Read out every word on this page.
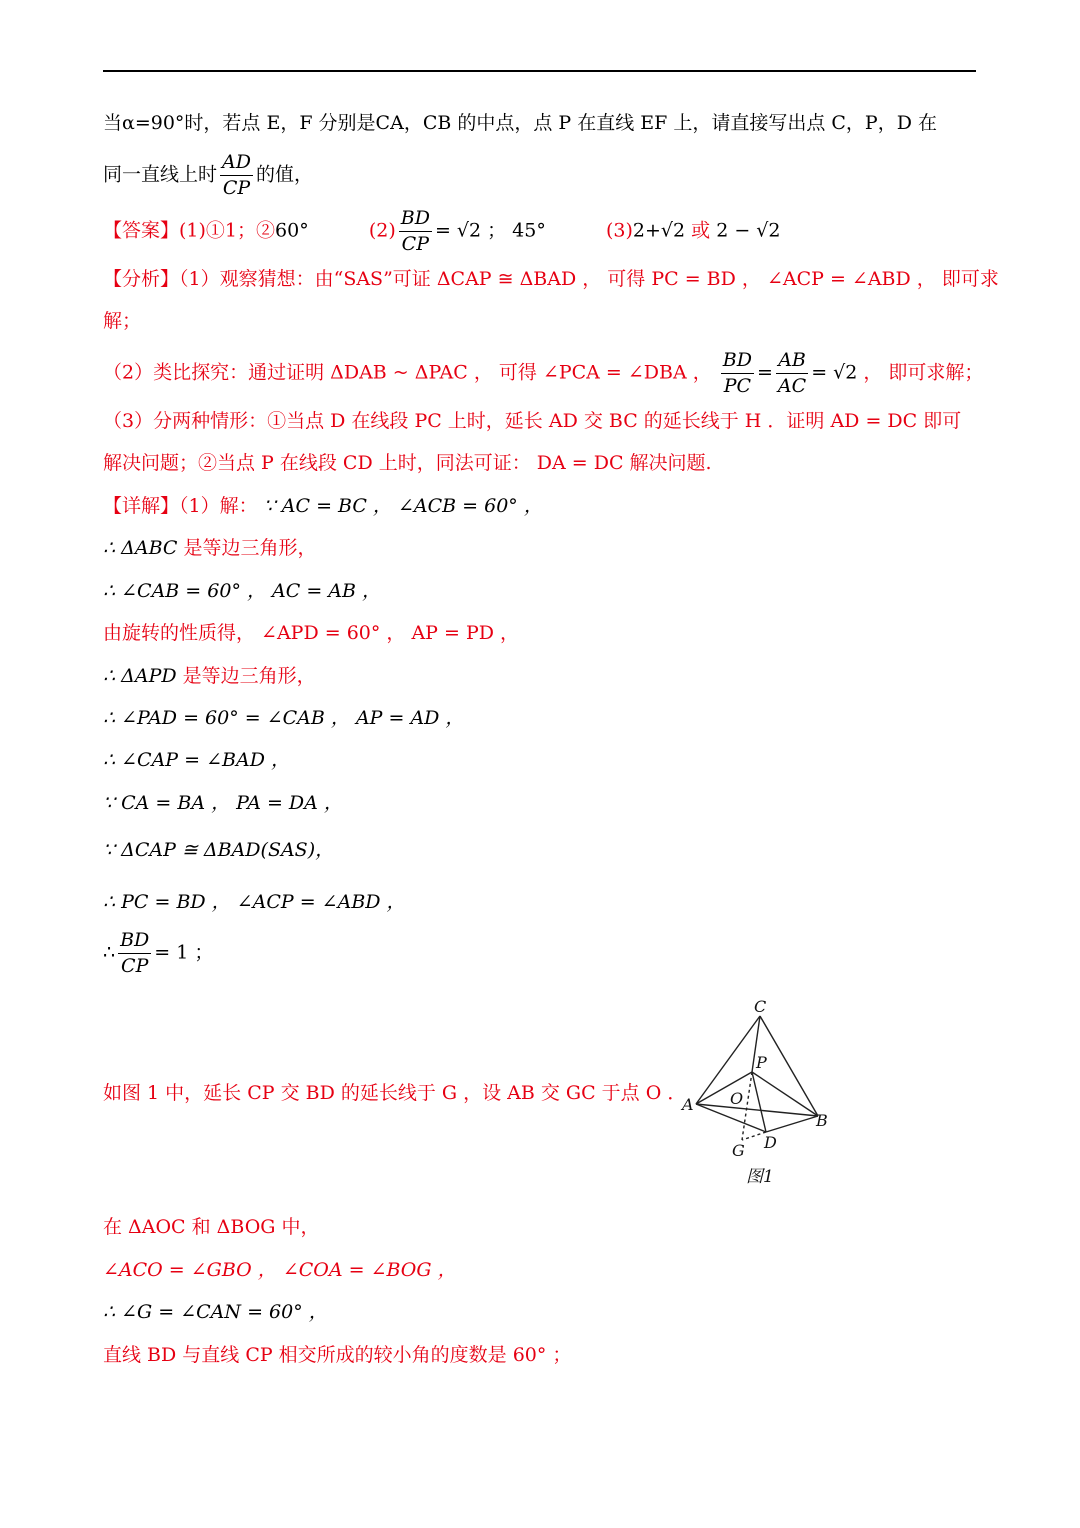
当α=90°时，若点 E，F 分别是CA，CB 的中点，点 P 在直线 EF 上，请直接写出点 C，P，D 在
同一直线上时 $\frac{AD}{CP}$ 的值，
【答案】(1)①1；②60°	$(2) \frac{BD}{CP} = √2$ ； 45°	(3)2+√2 或 2 − √2
【分析】（1）观察猜想：由“SAS”可证 ΔCAP ≅ ΔBAD ， 可得 PC = BD ， ∠ACP = ∠ABD ， 即可求
解；
（2）类比探究：通过证明 ΔDAB ~ ΔPAC ， 可得 ∠PCA = ∠DBA ， $\frac{BD}{PC} = \frac{AB}{AC} = √2$ ， 即可求解；
（3）分两种情形：①当点 D 在线段 PC 上时，延长 AD 交 BC 的延长线于 H ．证明 AD = DC 即可
解决问题；②当点 P 在线段 CD 上时，同法可证： DA = DC 解决问题.
【详解】（1）解： ∵ AC = BC ， ∠ACB = 60° ，
∴ ΔABC 是等边三角形，
∴ ∠CAB = 60° ， AC = AB ，
由旋转的性质得， ∠APD = 60° ， AP = PD ，
∴ ΔAPD 是等边三角形，
∴ ∠PAD = 60° = ∠CAB ， AP = AD ，
∴ ∠CAP = ∠BAD ，
∵ CA = BA ， PA = DA ，
∵ ΔCAP ≅ ΔBAD(SAS)，
∴ PC = BD ， ∠ACP = ∠ABD ，
∴ $\frac{BD}{CP} = 1$ ；
如图 1 中，延长 CP 交 BD 的延长线于 G ，设 AB 交 GC 于点 O ．
C
P
A O
B
G D
图1
在 ΔAOC 和 ΔBOG 中，
∠ACO = ∠GBO ， ∠COA = ∠BOG ，
∴ ∠G = ∠CAN = 60° ，
直线 BD 与直线 CP 相交所成的较小角的度数是 60° ；
